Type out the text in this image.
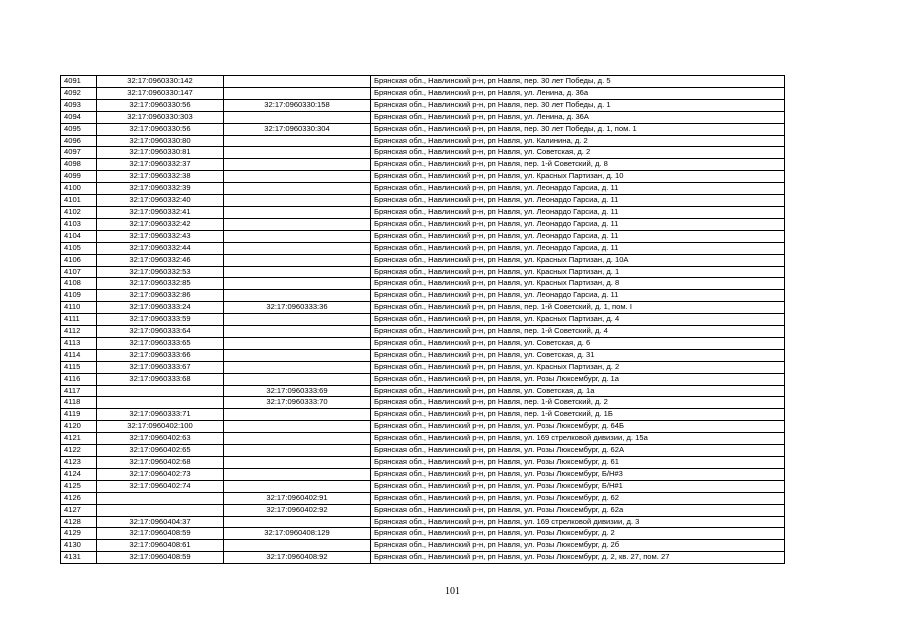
4091	32:17:0960330:142		Брянская обл., Навлинский р-н, рп Навля, пер. 30 лет Победы, д. 5
4092	32:17:0960330:147		Брянская обл., Навлинский р-н, рп Навля, ул. Ленина, д. 36а
4093	32:17:0960330:56	32:17:0960330:158	Брянская обл., Навлинский р-н, рп Навля, пер. 30 лет Победы, д. 1
4094	32:17:0960330:303		Брянская обл., Навлинский р-н, рп Навля, ул. Ленина, д. 36А
4095	32:17:0960330:56	32:17:0960330:304	Брянская обл., Навлинский р-н, рп Навля, пер. 30 лет Победы, д. 1, пом. 1
4096	32:17:0960330:80		Брянская обл., Навлинский р-н, рп Навля, ул. Калинина, д. 2
4097	32:17:0960330:81		Брянская обл., Навлинский р-н, рп Навля, ул. Советская, д. 2
4098	32:17:0960332:37		Брянская обл., Навлинский р-н, рп Навля, пер. 1-й Советский, д. 8
4099	32:17:0960332:38		Брянская обл., Навлинский р-н, рп Навля, ул. Красных Партизан, д. 10
4100	32:17:0960332:39		Брянская обл., Навлинский р-н, рп Навля, ул. Леонардо Гарсиа, д. 11
4101	32:17:0960332:40		Брянская обл., Навлинский р-н, рп Навля, ул. Леонардо Гарсиа, д. 11
4102	32:17:0960332:41		Брянская обл., Навлинский р-н, рп Навля, ул. Леонардо Гарсиа, д. 11
4103	32:17:0960332:42		Брянская обл., Навлинский р-н, рп Навля, ул. Леонардо Гарсиа, д. 11
4104	32:17:0960332:43		Брянская обл., Навлинский р-н, рп Навля, ул. Леонардо Гарсиа, д. 11
4105	32:17:0960332:44		Брянская обл., Навлинский р-н, рп Навля, ул. Леонардо Гарсиа, д. 11
4106	32:17:0960332:46		Брянская обл., Навлинский р-н, рп Навля, ул. Красных Партизан, д. 10А
4107	32:17:0960332:53		Брянская обл., Навлинский р-н, рп Навля, ул. Красных Партизан, д. 1
4108	32:17:0960332:85		Брянская обл., Навлинский р-н, рп Навля, ул. Красных Партизан, д. 8
4109	32:17:0960332:86		Брянская обл., Навлинский р-н, рп Навля, ул. Леонардо Гарсиа, д. 11
4110	32:17:0960333:24	32:17:0960333:36	Брянская обл., Навлинский р-н, рп Навля, пер. 1-й Советский, д. 1, пом. I
4111	32:17:0960333:59		Брянская обл., Навлинский р-н, рп Навля, ул. Красных Партизан, д. 4
4112	32:17:0960333:64		Брянская обл., Навлинский р-н, рп Навля, пер. 1-й Советский, д. 4
4113	32:17:0960333:65		Брянская обл., Навлинский р-н, рп Навля, ул. Советская, д. 6
4114	32:17:0960333:66		Брянская обл., Навлинский р-н, рп Навля, ул. Советская, д. 31
4115	32:17:0960333:67		Брянская обл., Навлинский р-н, рп Навля, ул. Красных Партизан, д. 2
4116	32:17:0960333:68		Брянская обл., Навлинский р-н, рп Навля, ул. Розы Люксембург, д. 1а
4117		32:17:0960333:69	Брянская обл., Навлинский р-н, рп Навля, ул. Советская, д. 1а
4118		32:17:0960333:70	Брянская обл., Навлинский р-н, рп Навля, пер. 1-й Советский, д. 2
4119	32:17:0960333:71		Брянская обл., Навлинский р-н, рп Навля, пер. 1-й Советский, д. 1Б
4120	32:17:0960402:100		Брянская обл., Навлинский р-н, рп Навля, ул. Розы Люксембург, д. 64Б
4121	32:17:0960402:63		Брянская обл., Навлинский р-н, рп Навля, ул. 169 стрелковой дивизии, д. 15а
4122	32:17:0960402:65		Брянская обл., Навлинский р-н, рп Навля, ул. Розы Люксембург, д. 62А
4123	32:17:0960402:68		Брянская обл., Навлинский р-н, рп Навля, ул. Розы Люксембург, д. 61
4124	32:17:0960402:73		Брянская обл., Навлинский р-н, рп Навля, ул. Розы Люксембург, Б/Н#3
4125	32:17:0960402:74		Брянская обл., Навлинский р-н, рп Навля, ул. Розы Люксембург, Б/Н#1
4126		32:17:0960402:91	Брянская обл., Навлинский р-н, рп Навля, ул. Розы Люксембург, д. 62
4127		32:17:0960402:92	Брянская обл., Навлинский р-н, рп Навля, ул. Розы Люксембург, д. 62а
4128	32:17:0960404:37		Брянская обл., Навлинский р-н, рп Навля, ул. 169 стрелковой дивизии, д. 3
4129	32:17:0960408:59	32:17:0960408:129	Брянская обл., Навлинский р-н, рп Навля, ул. Розы Люксембург, д. 2
4130	32:17:0960408:61		Брянская обл., Навлинский р-н, рп Навля, ул. Розы Люксембург, д. 2б
4131	32:17:0960408:59	32:17:0960408:92	Брянская обл., Навлинский р-н, рп Навля, ул. Розы Люксембург, д. 2, кв. 27, пом. 27
101
